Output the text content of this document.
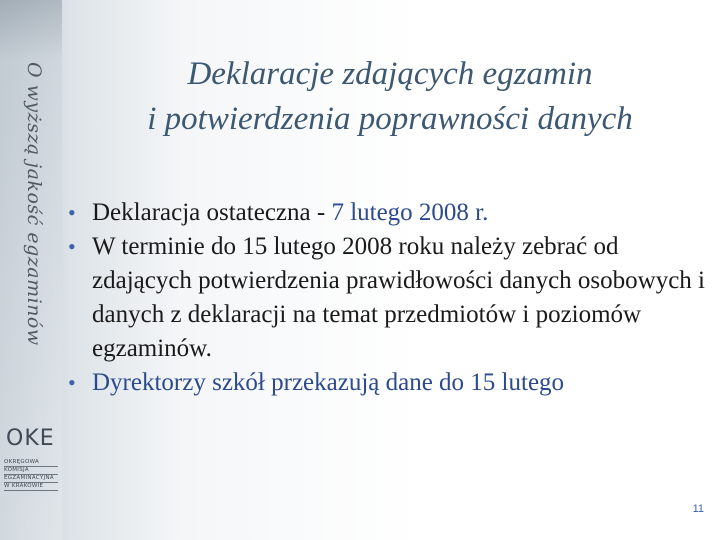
O wyższą jakość egzaminów
OKE
OKRĘGOWA
KOMISJA
EGZAMINACYJNA
W KRAKOWIE
Deklaracje zdających egzamin
i potwierdzenia poprawności danych
• Deklaracja ostateczna - 7 lutego 2008 r.
• W terminie do 15 lutego 2008 roku należy zebrać od zdających potwierdzenia prawidłowości danych osobowych i danych z deklaracji na temat przedmiotów i poziomów egzaminów.
• Dyrektorzy szkół przekazują dane do 15 lutego
11
